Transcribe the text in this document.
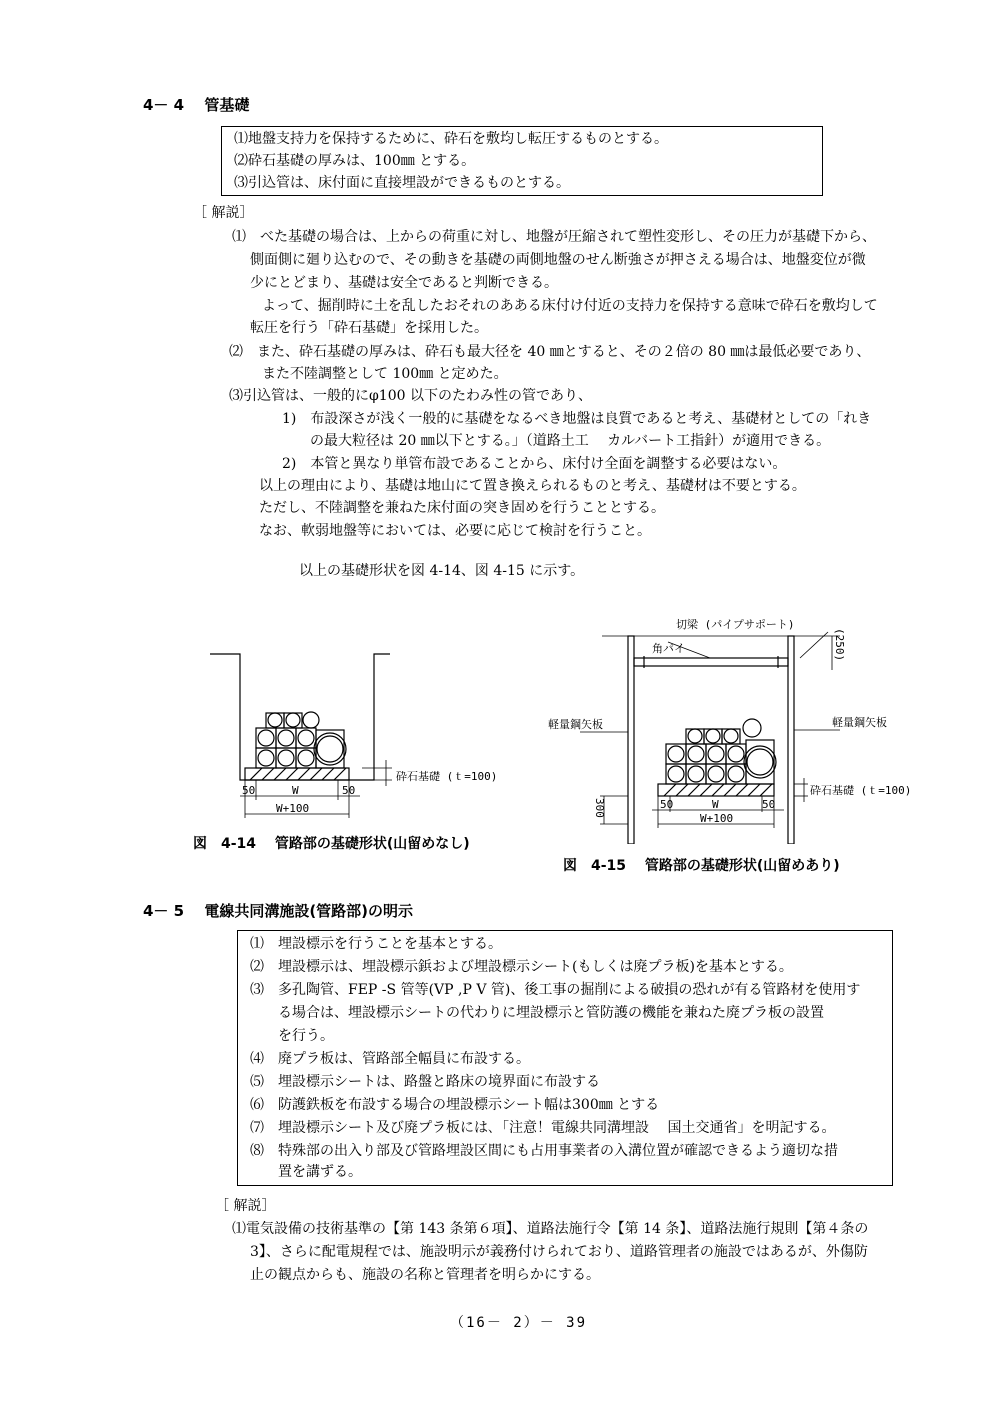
4－ 4　 管基礎
⑴地盤支持力を保持するために、砕石を敷均し転圧するものとする。
⑵砕石基礎の厚みは、100㎜ とする。
⑶引込管は、床付面に直接埋設ができるものとする。
［ 解説］
⑴　べた基礎の場合は、上からの荷重に対し、地盤が圧縮されて塑性変形し、その圧力が基礎下から、
側面側に廻り込むので、その動きを基礎の両側地盤のせん断強さが押さえる場合は、地盤変位が微
少にとどまり、基礎は安全であると判断できる。
よって、掘削時に土を乱したおそれのあある床付け付近の支持力を保持する意味で砕石を敷均して
転圧を行う「砕石基礎」を採用した。
⑵　また、砕石基礎の厚みは、砕石も最大径を 40 ㎜とすると、その２倍の 80 ㎜は最低必要であり、
また不陸調整として 100㎜ と定めた。
⑶引込管は、一般的にφ100 以下のたわみ性の管であり、
1)　布設深さが浅く一般的に基礎をなるべき地盤は良質であると考え、基礎材としての「れき
の最大粒径は 20 ㎜以下とする。」（道路土工　 カルバート工指針）が適用できる。
2)　本管と異なり単管布設であることから、床付け全面を調整する必要はない。
以上の理由により、基礎は地山にて置き換えられるものと考え、基礎材は不要とする。
ただし、不陸調整を兼ねた床付面の突き固めを行うこととする。
なお、軟弱地盤等においては、必要に応じて検討を行うこと。
以上の基礎形状を図 4-14、図 4-15 に示す。
砕石基礎 (ｔ=100)
50	W	50
W+100
図　4-14　 管路部の基礎形状(山留めなし)
切梁 (パイプサポート)
角パイ	(250)
軽量鋼矢板	軽量鋼矢板
砕石基礎 (ｔ=100)
300	50	W	50
W+100
図　4-15　 管路部の基礎形状(山留めあり)
4－ 5　 電線共同溝施設(管路部)の明示
⑴　埋設標示を行うことを基本とする。
⑵　埋設標示は、埋設標示鋲および埋設標示シート(もしくは廃プラ板)を基本とする。
⑶　多孔陶管、FEP -S 管等(VP ,P V 管)、後工事の掘削による破損の恐れが有る管路材を使用す
る場合は、埋設標示シートの代わりに埋設標示と管防護の機能を兼ねた廃プラ板の設置
を行う。
⑷　廃プラ板は、管路部全幅員に布設する。
⑸　埋設標示シートは、路盤と路床の境界面に布設する
⑹　防護鉄板を布設する場合の埋設標示シート幅は300㎜ とする
⑺　埋設標示シート及び廃プラ板には､「注意！電線共同溝埋設　 国土交通省」を明記する。
⑻　特殊部の出入り部及び管路埋設区間にも占用事業者の入溝位置が確認できるよう適切な措
置を講ずる。
［ 解説］
⑴電気設備の技術基準の【第 143 条第６項】、道路法施行令【第 14 条】、道路法施行規則【第４条の
3】、さらに配電規程では、施設明示が義務付けられており、道路管理者の施設ではあるが、外傷防
止の観点からも、施設の名称と管理者を明らかにする。
（16－ 2）－ 39
